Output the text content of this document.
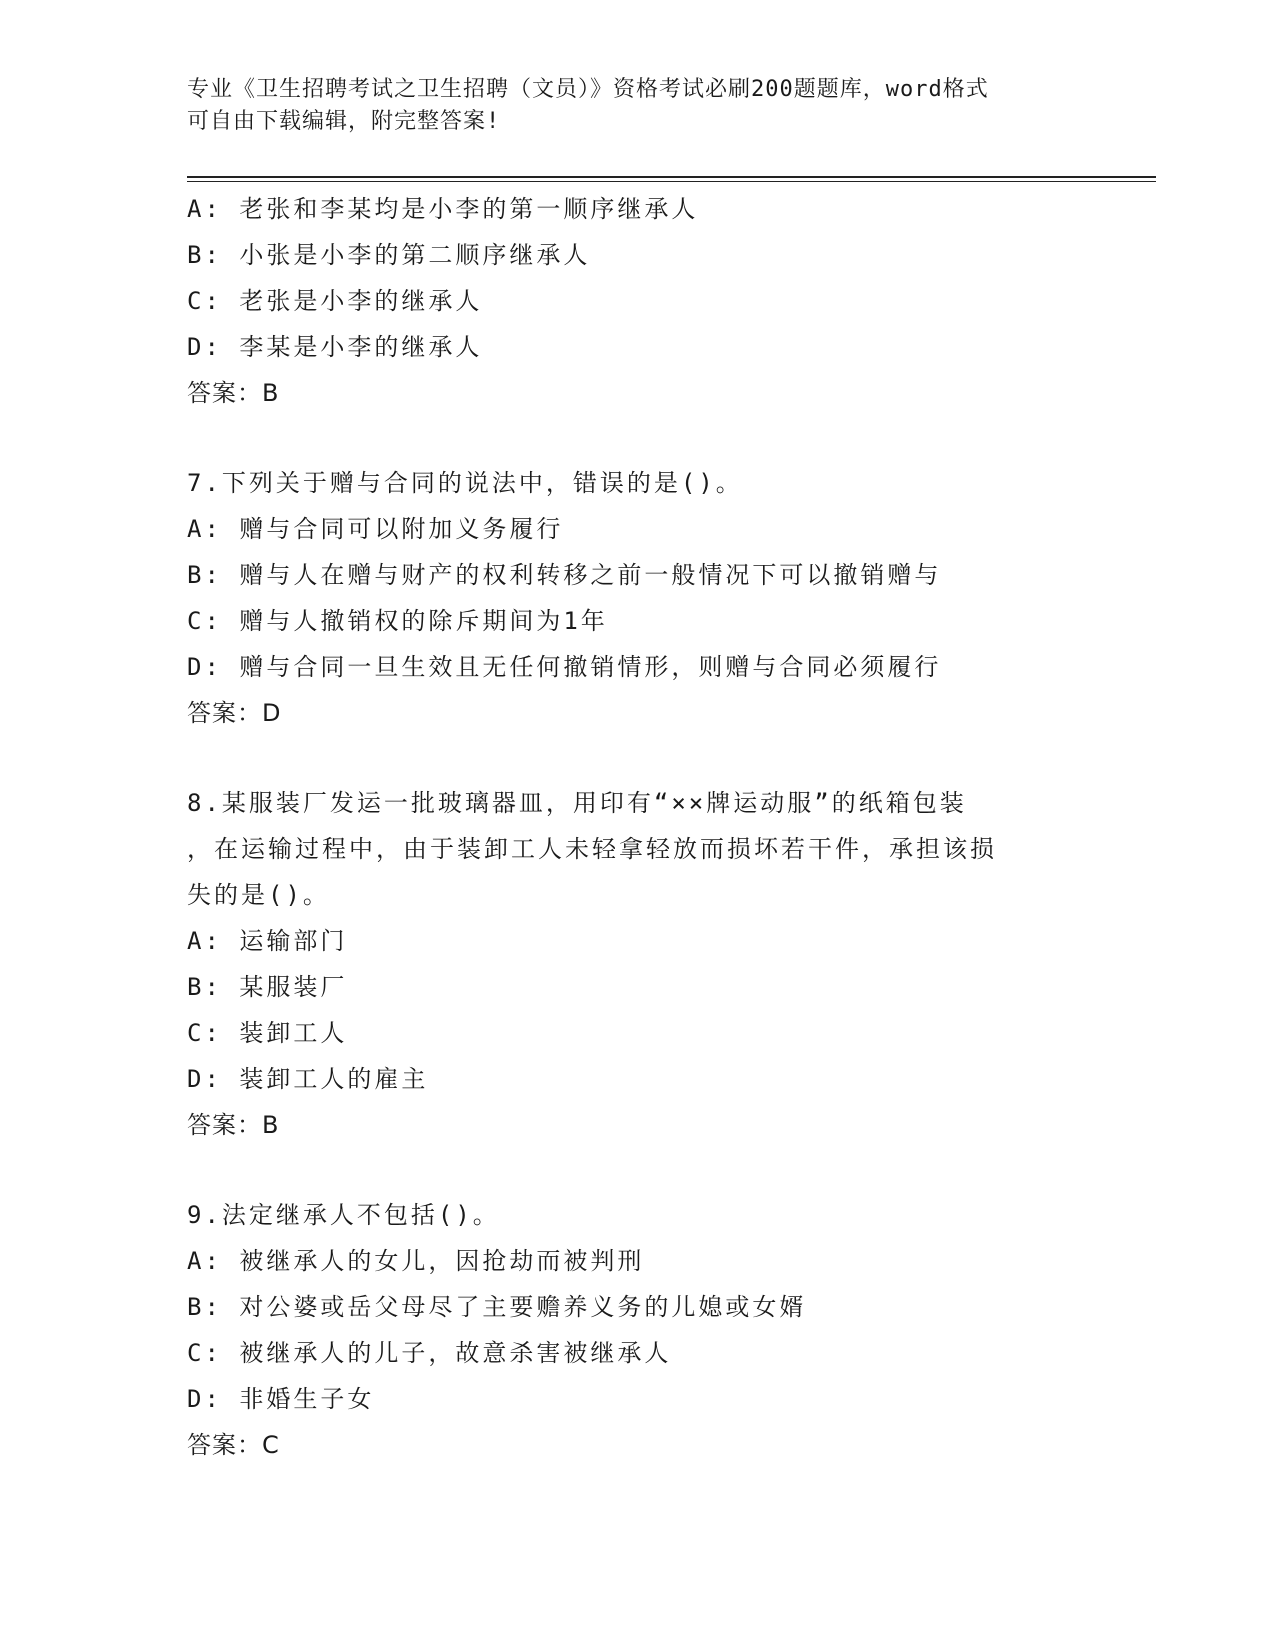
专业《卫生招聘考试之卫生招聘（文员）》资格考试必刷200题题库，word格式
可自由下载编辑，附完整答案!
A: 老张和李某均是小李的第一顺序继承人
B: 小张是小李的第二顺序继承人
C: 老张是小李的继承人
D: 李某是小李的继承人
答案：B
7.下列关于赠与合同的说法中，错误的是()。
A: 赠与合同可以附加义务履行
B: 赠与人在赠与财产的权利转移之前一般情况下可以撤销赠与
C: 赠与人撤销权的除斥期间为1年
D: 赠与合同一旦生效且无任何撤销情形，则赠与合同必须履行
答案：D
8.某服装厂发运一批玻璃器皿，用印有“××牌运动服”的纸箱包装
，在运输过程中，由于装卸工人未轻拿轻放而损坏若干件，承担该损
失的是()。
A: 运输部门
B: 某服装厂
C: 装卸工人
D: 装卸工人的雇主
答案：B
9.法定继承人不包括()。
A: 被继承人的女儿，因抢劫而被判刑
B: 对公婆或岳父母尽了主要赡养义务的儿媳或女婿
C: 被继承人的儿子，故意杀害被继承人
D: 非婚生子女
答案：C
